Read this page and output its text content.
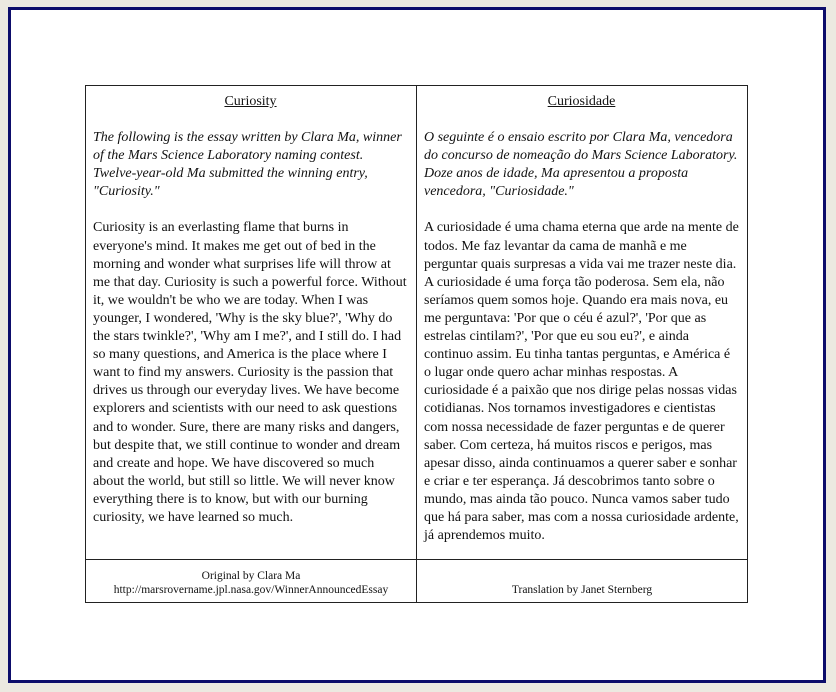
Curiosity

The following is the essay written by Clara Ma, winner of the Mars Science Laboratory naming contest. Twelve-year-old Ma submitted the winning entry, "Curiosity."

Curiosity is an everlasting flame that burns in everyone's mind. It makes me get out of bed in the morning and wonder what surprises life will throw at me that day. Curiosity is such a powerful force. Without it, we wouldn't be who we are today. When I was younger, I wondered, 'Why is the sky blue?', 'Why do the stars twinkle?', 'Why am I me?', and I still do. I had so many questions, and America is the place where I want to find my answers. Curiosity is the passion that drives us through our everyday lives. We have become explorers and scientists with our need to ask questions and to wonder. Sure, there are many risks and dangers, but despite that, we still continue to wonder and dream and create and hope. We have discovered so much about the world, but still so little. We will never know everything there is to know, but with our burning curiosity, we have learned so much.

Curiosidade

O seguinte é o ensaio escrito por Clara Ma, vencedora do concurso de nomeação do Mars Science Laboratory. Doze anos de idade, Ma apresentou a proposta vencedora, "Curiosidade."

A curiosidade é uma chama eterna que arde na mente de todos. Me faz levantar da cama de manhã e me perguntar quais surpresas a vida vai me trazer neste dia. A curiosidade é uma força tão poderosa. Sem ela, não seríamos quem somos hoje. Quando era mais nova, eu me perguntava: 'Por que o céu é azul?', 'Por que as estrelas cintilam?', 'Por que eu sou eu?', e ainda continuo assim. Eu tinha tantas perguntas, e América é o lugar onde quero achar minhas respostas. A curiosidade é a paixão que nos dirige pelas nossas vidas cotidianas. Nos tornamos investigadores e cientistas com nossa necessidade de fazer perguntas e de querer saber. Com certeza, há muitos riscos e perigos, mas apesar disso, ainda continuamos a querer saber e sonhar e criar e ter esperança. Já descobrimos tanto sobre o mundo, mas ainda tão pouco. Nunca vamos saber tudo que há para saber, mas com a nossa curiosidade ardente, já aprendemos muito.

Original by Clara Ma
http://marsrovername.jpl.nasa.gov/WinnerAnnouncedEssay	Translation by Janet Sternberg
